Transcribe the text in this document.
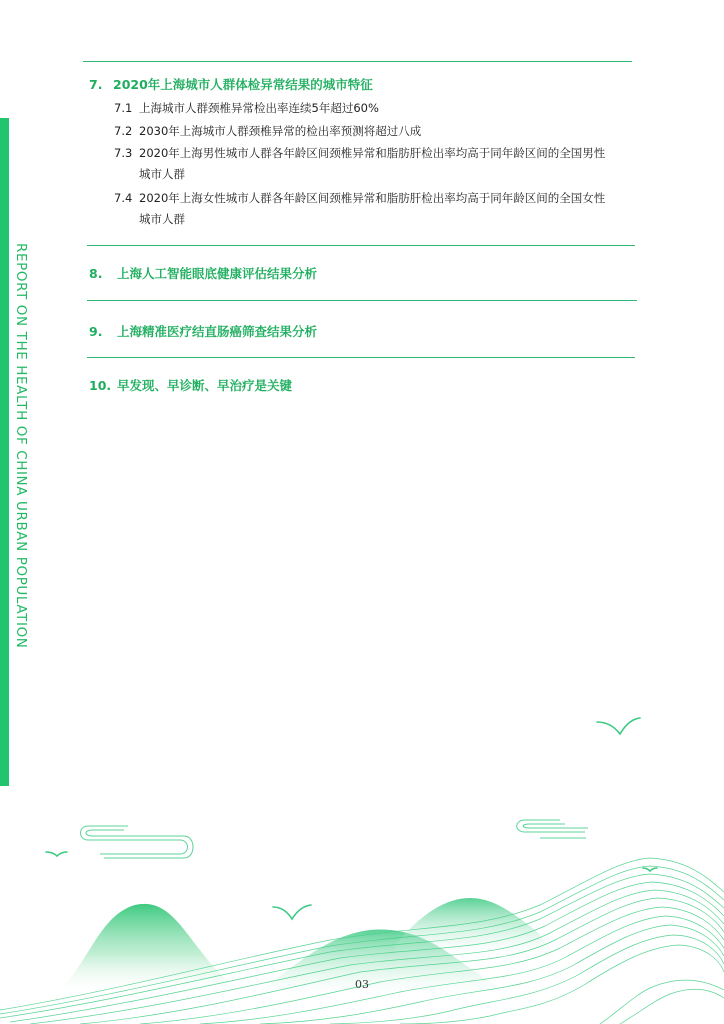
REPORT ON THE HEALTH OF CHINA URBAN POPULATION
7. 2020年上海城市人群体检异常结果的城市特征
7.1 上海城市人群颈椎异常检出率连续5年超过60%
7.2 2030年上海城市人群颈椎异常的检出率预测将超过八成
7.3 2020年上海男性城市人群各年龄区间颈椎异常和脂肪肝检出率均高于同年龄区间的全国男性
城市人群
7.4 2020年上海女性城市人群各年龄区间颈椎异常和脂肪肝检出率均高于同年龄区间的全国女性
城市人群
8. 上海人工智能眼底健康评估结果分析
9. 上海精准医疗结直肠癌筛查结果分析
10. 早发现、早诊断、早治疗是关键
03
